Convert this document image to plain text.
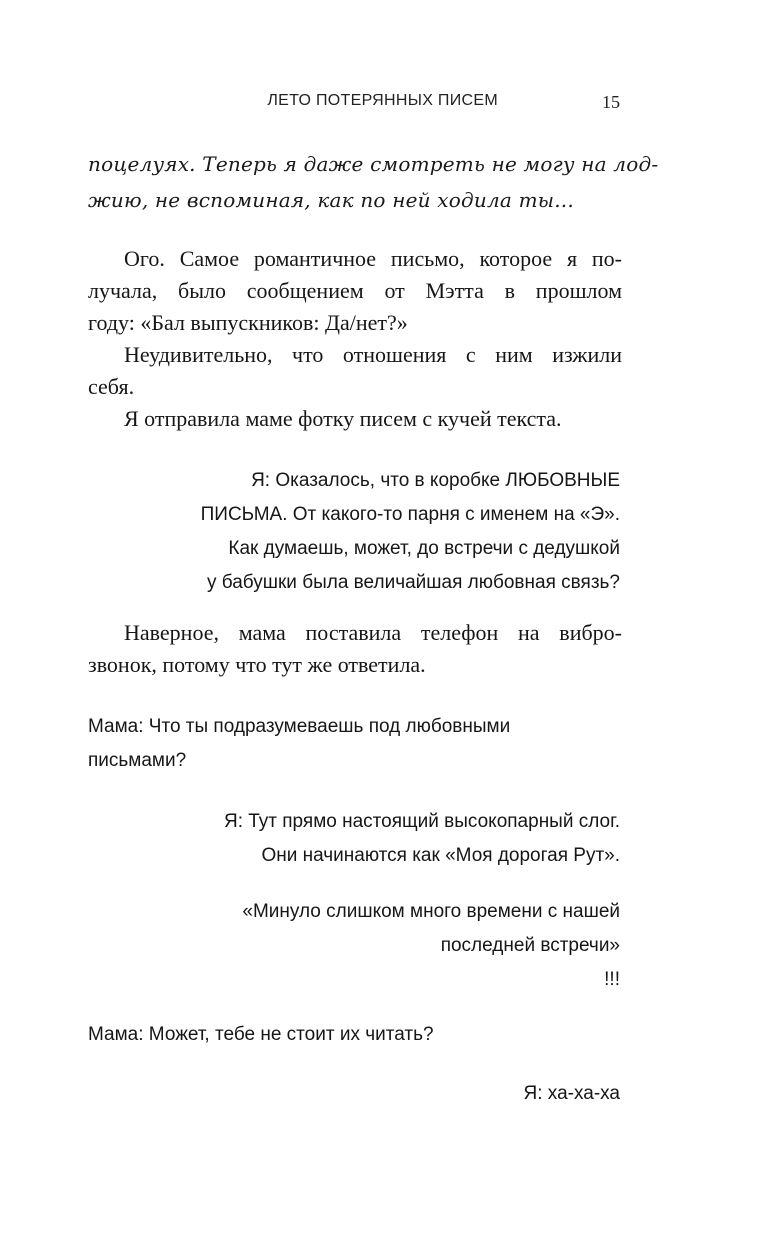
ЛЕТО ПОТЕРЯННЫХ ПИСЕМ	15
поцелуях. Теперь я даже смотреть не могу на лод-
жию, не вспоминая, как по ней ходила ты...
Ого. Самое романтичное письмо, которое я по-
лучала, было сообщением от Мэтта в прошлом
году: «Бал выпускников: Да/нет?»
Неудивительно, что отношения с ним изжили
себя.
Я отправила маме фотку писем с кучей текста.
Я: Оказалось, что в коробке ЛЮБОВНЫЕ
ПИСЬМА. От какого-то парня с именем на «Э».
Как думаешь, может, до встречи с дедушкой
у бабушки была величайшая любовная связь?
Наверное, мама поставила телефон на вибро-
звонок, потому что тут же ответила.
Мама: Что ты подразумеваешь под любовными
письмами?
Я: Тут прямо настоящий высокопарный слог.
Они начинаются как «Моя дорогая Рут».
«Минуло слишком много времени с нашей
последней встречи»
!!!
Мама: Может, тебе не стоит их читать?
Я: ха-ха-ха
